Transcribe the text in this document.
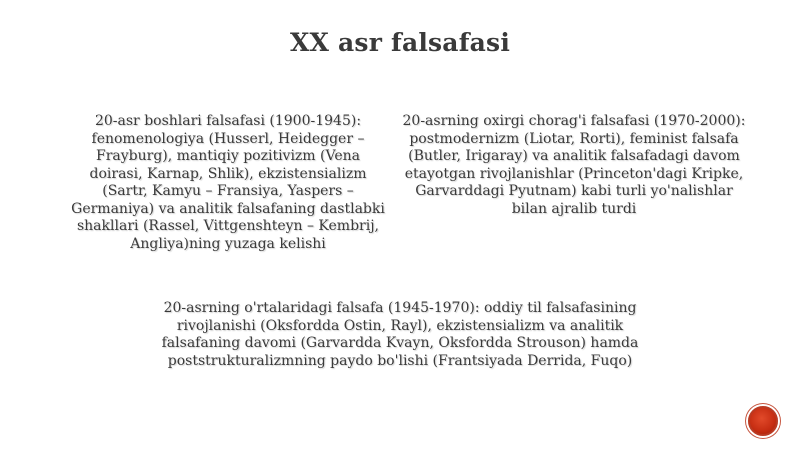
XX asr falsafasi
20-asr boshlari falsafasi (1900-1945):
fenomenologiya (Husserl, Heidegger –
Frayburg), mantiqiy pozitivizm (Vena
doirasi, Karnap, Shlik), ekzistensializm
(Sartr, Kamyu – Fransiya, Yaspers –
Germaniya) va analitik falsafaning dastlabki
shakllari (Rassel, Vittgenshteyn – Kembrij,
Angliya)ning yuzaga kelishi
20-asrning oxirgi chorag'i falsafasi (1970-2000):
postmodernizm (Liotar, Rorti), feminist falsafa
(Butler, Irigaray) va analitik falsafadagi davom
etayotgan rivojlanishlar (Princeton'dagi Kripke,
Garvarddagi Pyutnam) kabi turli yo'nalishlar
bilan ajralib turdi
20-asrning o'rtalaridagi falsafa (1945-1970): oddiy til falsafasining
rivojlanishi (Oksfordda Ostin, Rayl), ekzistensializm va analitik
falsafaning davomi (Garvardda Kvayn, Oksfordda Strouson) hamda
poststrukturalizmning paydo bo'lishi (Frantsiyada Derrida, Fuqo)
